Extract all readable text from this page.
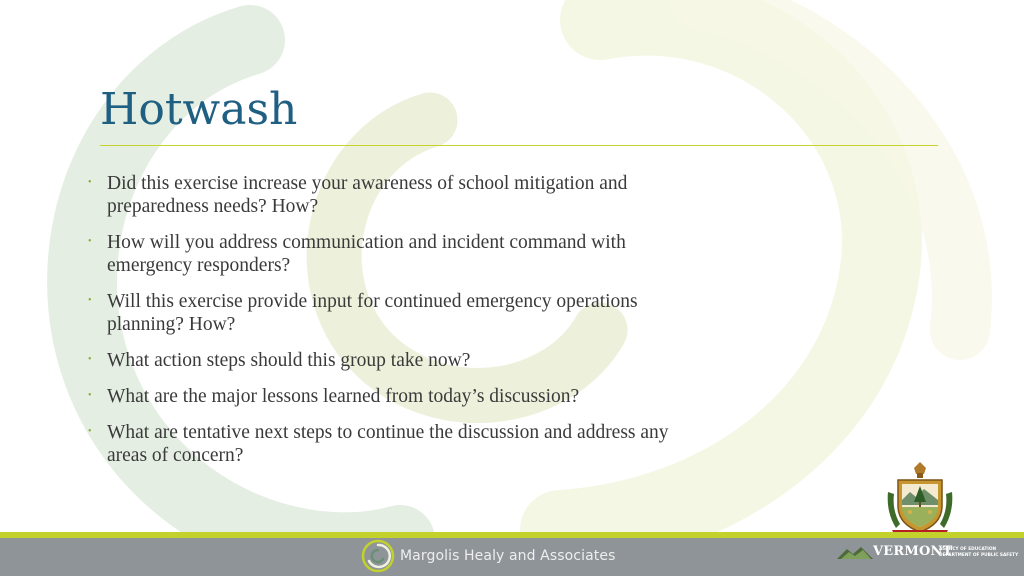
Hotwash
• Did this exercise increase your awareness of school mitigation and preparedness needs? How?
• How will you address communication and incident command with emergency responders?
• Will this exercise provide input for continued emergency operations planning? How?
• What action steps should this group take now?
• What are the major lessons learned from today’s discussion?
• What are tentative next steps to continue the discussion and address any areas of concern?
Margolis Healy and Associates	VERMONT
AGENCY OF EDUCATION
DEPARTMENT OF PUBLIC SAFETY
